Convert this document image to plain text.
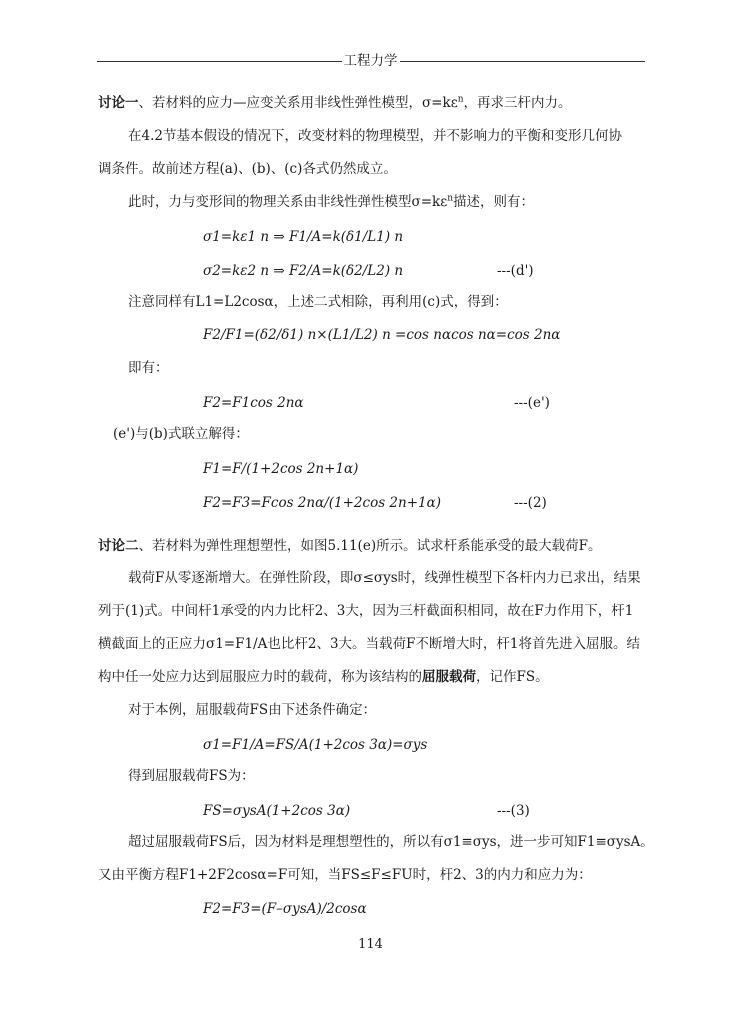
工程力学
讨论一、若材料的应力—应变关系用非线性弹性模型，$\sigma=k\varepsilon^n$，再求三杆内力。
在4.2节基本假设的情况下，改变材料的物理模型，并不影响力的平衡和变形几何协
调条件。故前述方程(a)、(b)、(c)各式仍然成立。
此时，力与变形间的物理关系由非线性弹性模型$\sigma=k\varepsilon^n$描述，则有：
σ1=kε1 n ⇒ F1/A=k(δ1/L1) n
σ2=kε2 n ⇒ F2/A=k(δ2/L2) n	---(d')
注意同样有L1=L2cosα，上述二式相除，再利用(c)式，得到：
F2/F1=(δ2/δ1) n×(L1/L2) n =cos nαcos nα=cos 2nα
即有：
F2=F1cos 2nα	---(e')
(e')与(b)式联立解得：
F1=F/(1+2cos 2n+1α)
F2=F3=Fcos 2nα/(1+2cos 2n+1α)	---(2)
讨论二、若材料为弹性理想塑性，如图5.11(e)所示。试求杆系能承受的最大载荷F。
载荷F从零逐渐增大。在弹性阶段，即σ≤σys时，线弹性模型下各杆内力已求出，结果
列于(1)式。中间杆1承受的内力比杆2、3大，因为三杆截面积相同，故在F力作用下，杆1
横截面上的正应力σ1=F1/A也比杆2、3大。当载荷F不断增大时，杆1将首先进入屈服。结
构中任一处应力达到屈服应力时的载荷，称为该结构的屈服载荷，记作FS。
对于本例，屈服载荷FS由下述条件确定：
σ1=F1/A=FS/A(1+2cos 3α)=σys
得到屈服载荷FS为：
FS=σysA(1+2cos 3α)	---(3)
超过屈服载荷FS后，因为材料是理想塑性的，所以有σ1≡σys，进一步可知F1≡σysA。
又由平衡方程F1+2F2cosα=F可知，当FS≤F≤FU时，杆2、3的内力和应力为：
F2=F3=(F–σysA)/2cosα
114
